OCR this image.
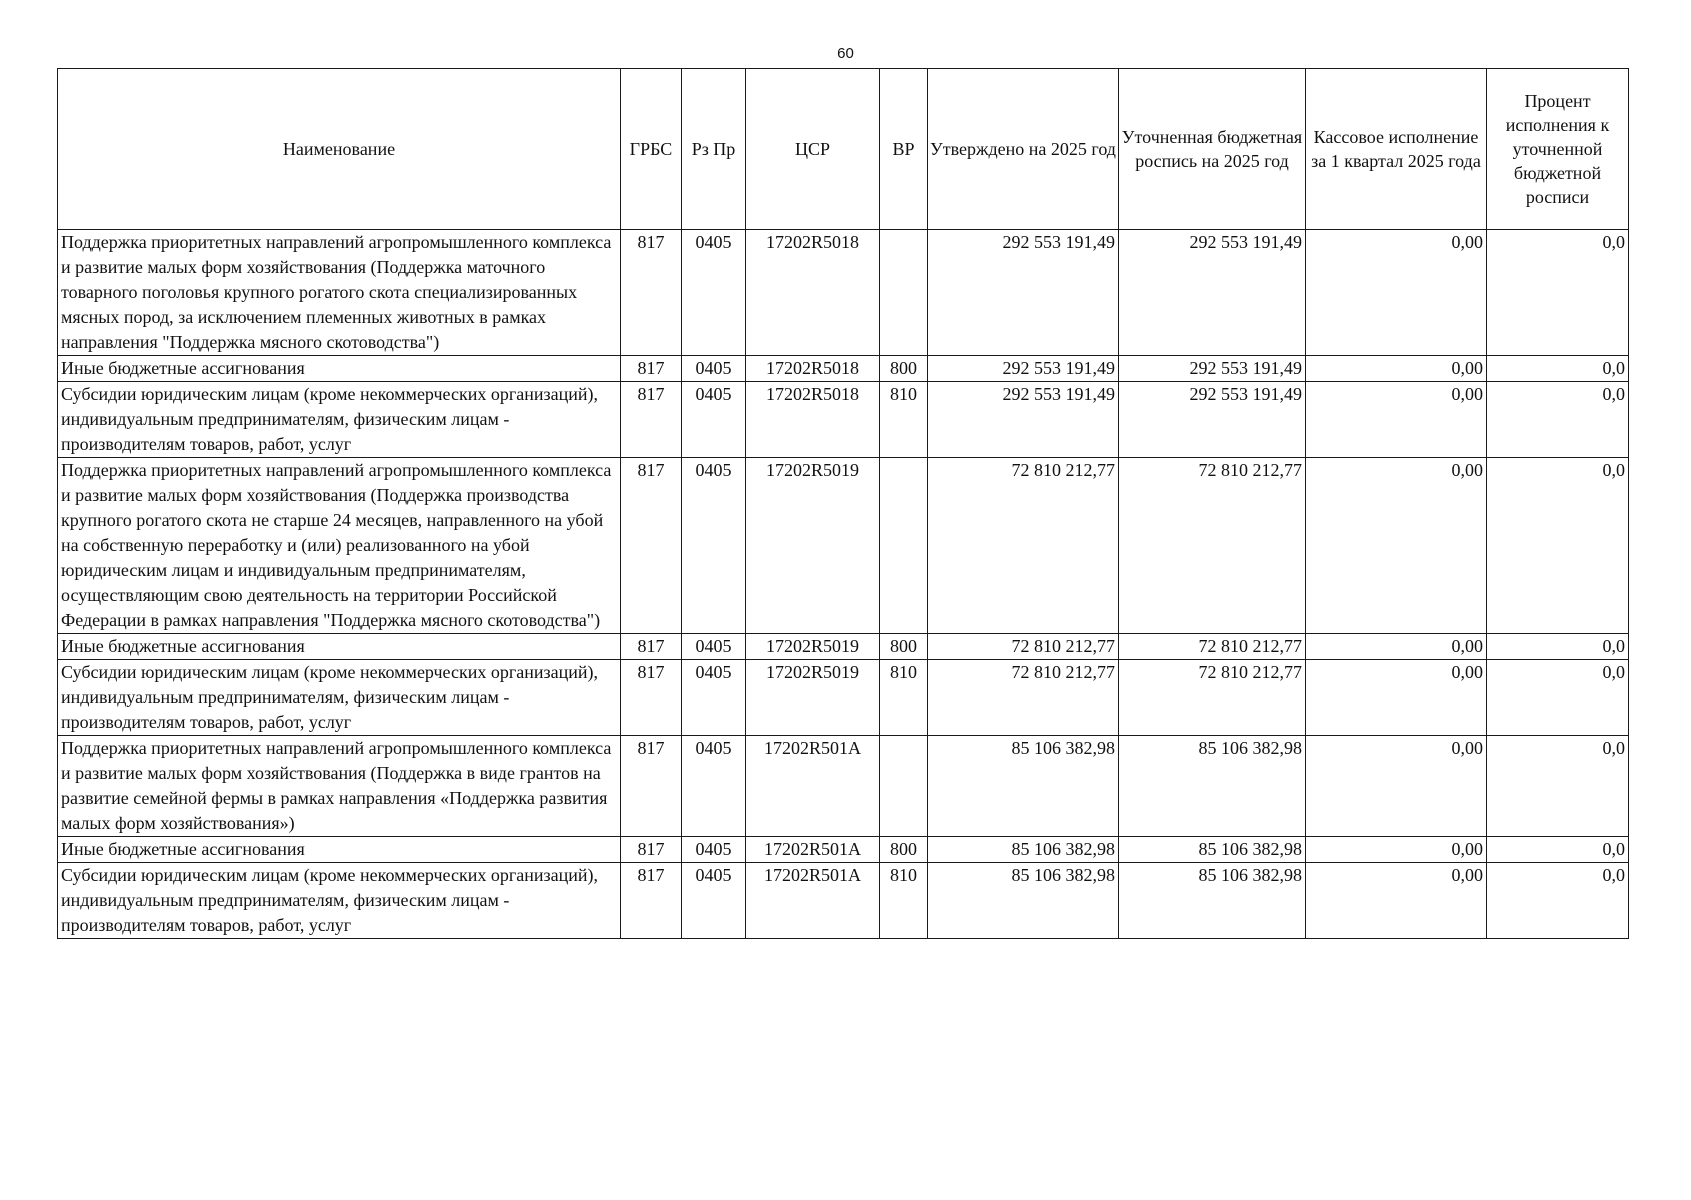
60
Наименование	ГРБС	Рз Пр	ЦСР	ВР	Утверждено на 2025 год	Уточненная бюджетная роспись на 2025 год	Кассовое исполнение за 1 квартал 2025 года	Процент исполнения к уточненной бюджетной росписи
Поддержка приоритетных направлений агропромышленного комплекса и развитие малых форм хозяйствования (Поддержка маточного товарного поголовья крупного рогатого скота специализированных мясных пород, за исключением племенных животных в рамках направления "Поддержка мясного скотоводства")	817	0405	17202R5018		292 553 191,49	292 553 191,49	0,00	0,0
Иные бюджетные ассигнования	817	0405	17202R5018	800	292 553 191,49	292 553 191,49	0,00	0,0
Субсидии юридическим лицам (кроме некоммерческих организаций), индивидуальным предпринимателям, физическим лицам - производителям товаров, работ, услуг	817	0405	17202R5018	810	292 553 191,49	292 553 191,49	0,00	0,0
Поддержка приоритетных направлений агропромышленного комплекса и развитие малых форм хозяйствования (Поддержка производства крупного рогатого скота не старше 24 месяцев, направленного на убой на собственную переработку и (или) реализованного на убой юридическим лицам и индивидуальным предпринимателям, осуществляющим свою деятельность на территории Российской Федерации в рамках направления "Поддержка мясного скотоводства")	817	0405	17202R5019		72 810 212,77	72 810 212,77	0,00	0,0
Иные бюджетные ассигнования	817	0405	17202R5019	800	72 810 212,77	72 810 212,77	0,00	0,0
Субсидии юридическим лицам (кроме некоммерческих организаций), индивидуальным предпринимателям, физическим лицам - производителям товаров, работ, услуг	817	0405	17202R5019	810	72 810 212,77	72 810 212,77	0,00	0,0
Поддержка приоритетных направлений агропромышленного комплекса и развитие малых форм хозяйствования (Поддержка в виде грантов на развитие семейной фермы в рамках направления «Поддержка развития малых форм хозяйствования»)	817	0405	17202R501A		85 106 382,98	85 106 382,98	0,00	0,0
Иные бюджетные ассигнования	817	0405	17202R501A	800	85 106 382,98	85 106 382,98	0,00	0,0
Субсидии юридическим лицам (кроме некоммерческих организаций), индивидуальным предпринимателям, физическим лицам - производителям товаров, работ, услуг	817	0405	17202R501A	810	85 106 382,98	85 106 382,98	0,00	0,0
